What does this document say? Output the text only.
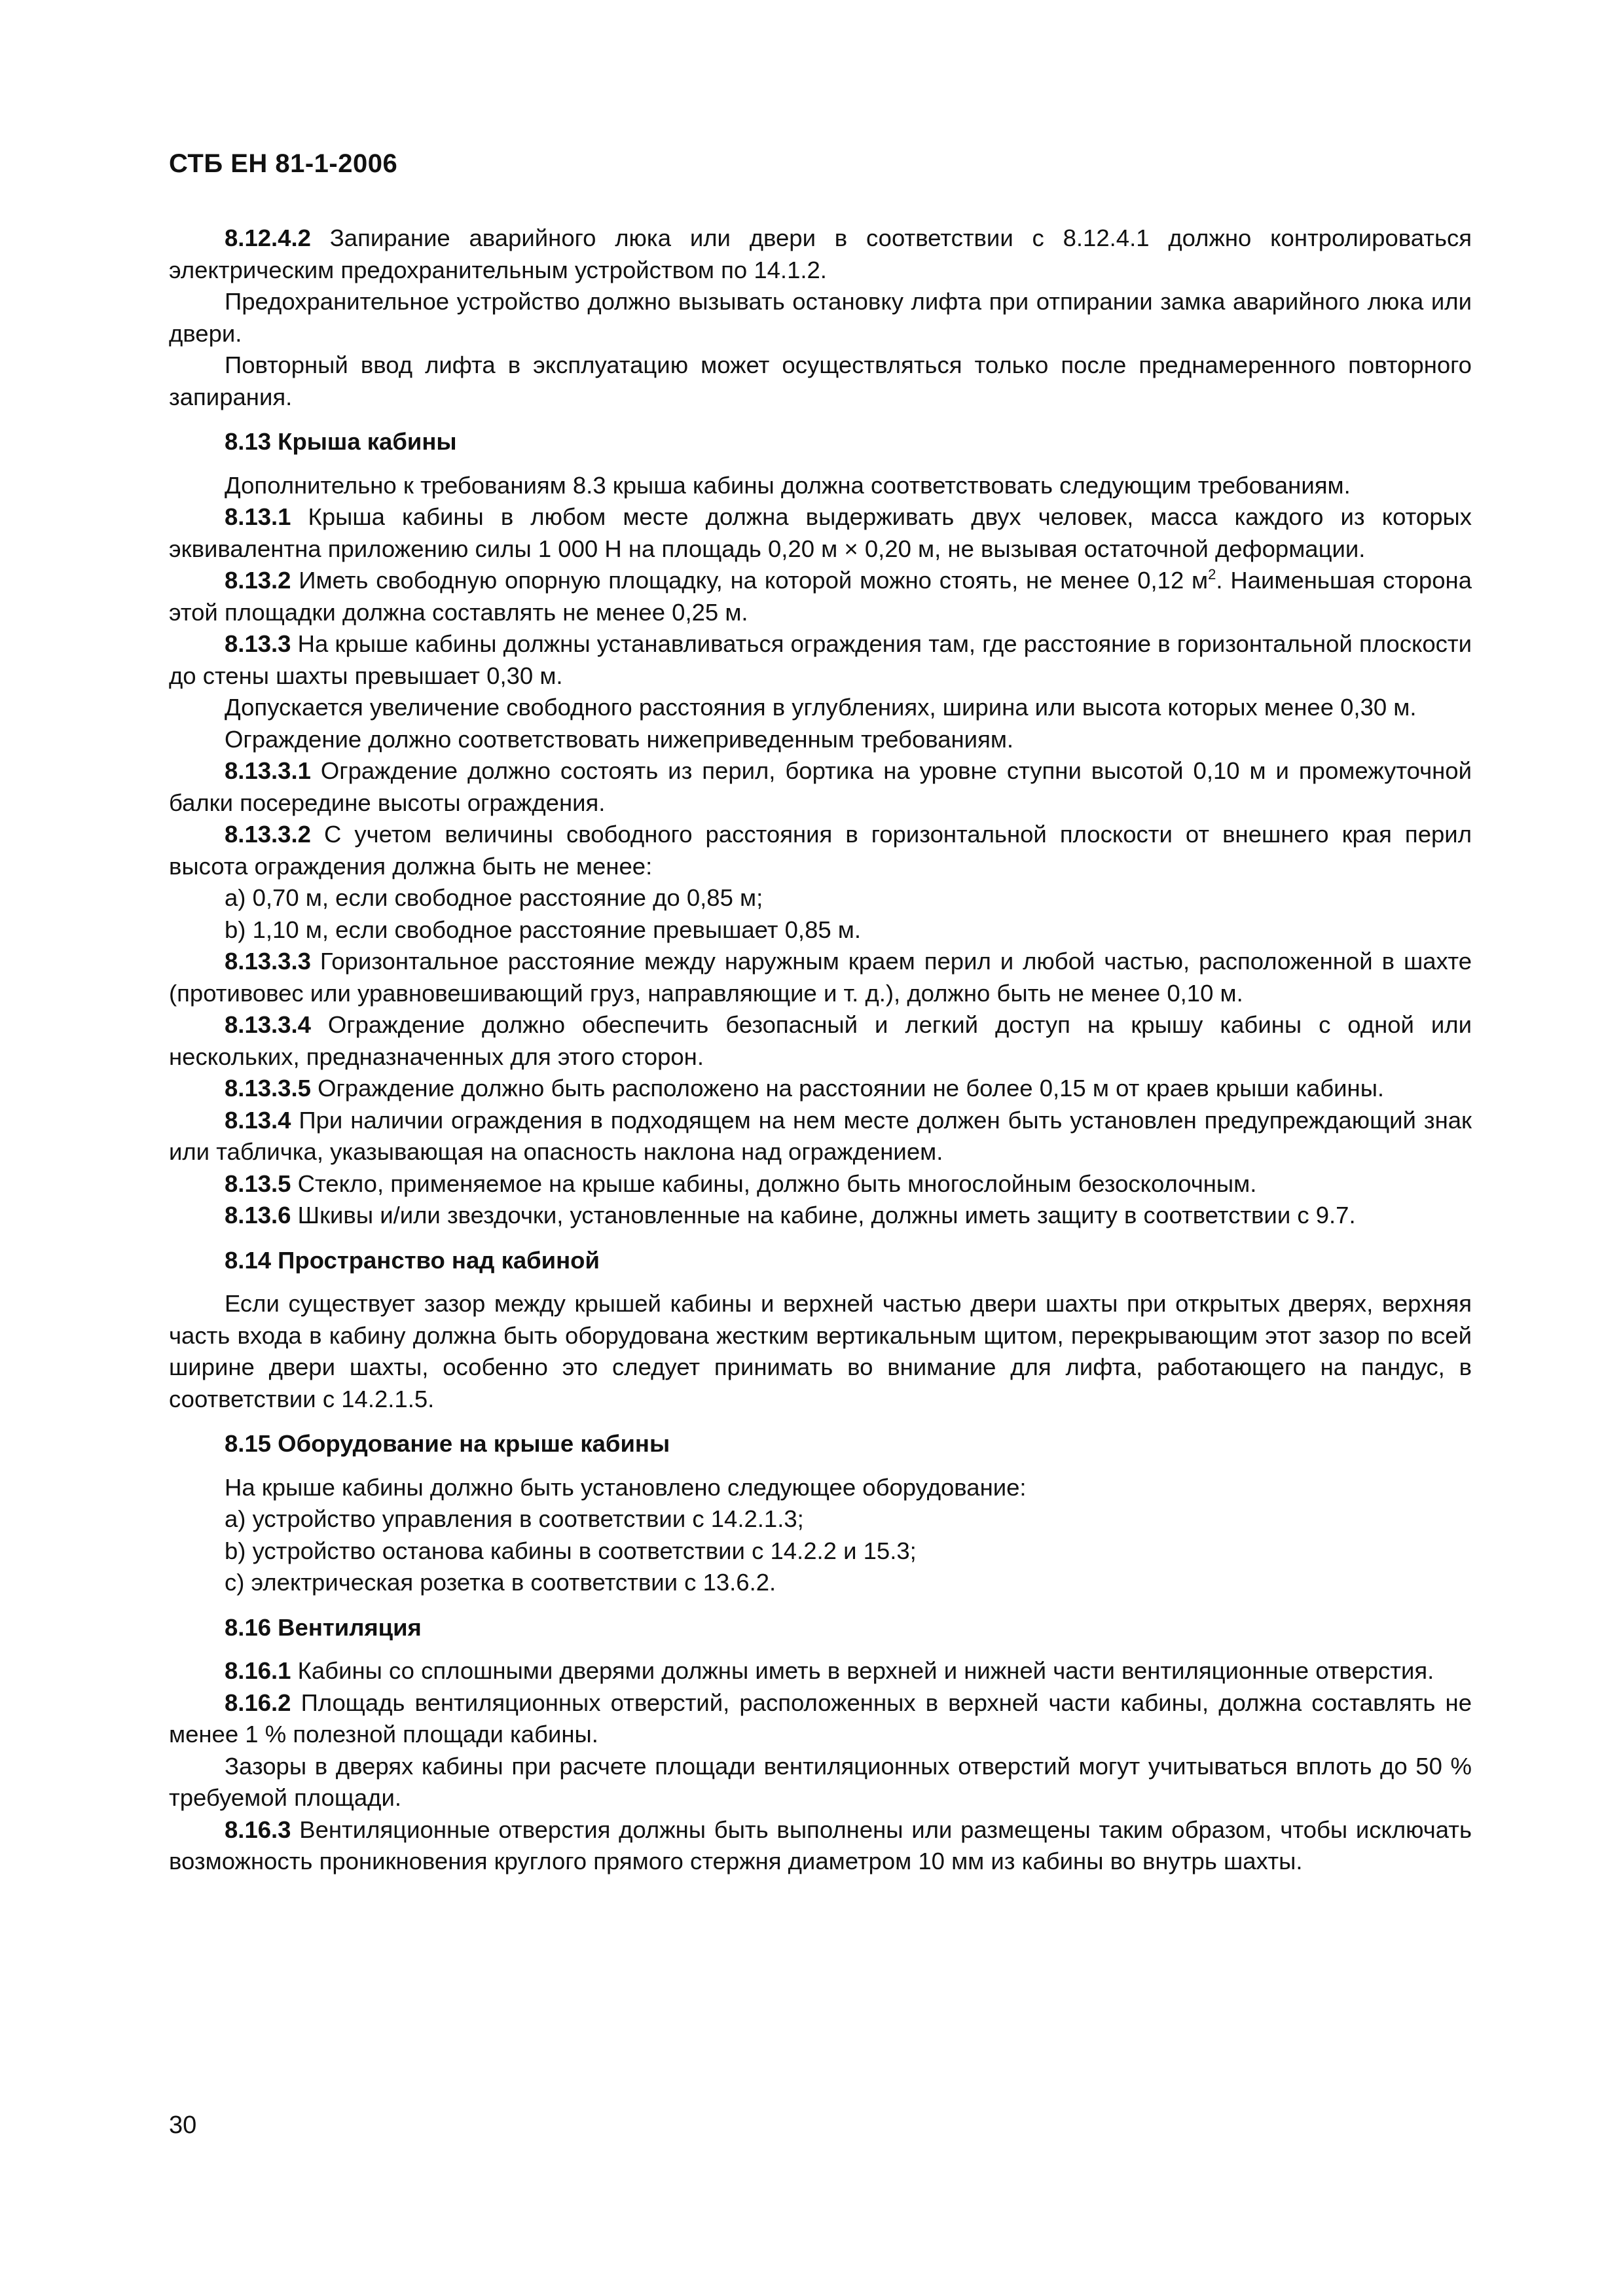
СТБ ЕН 81-1-2006

8.12.4.2 Запирание аварийного люка или двери в соответствии с 8.12.4.1 должно контролироваться электрическим предохранительным устройством по 14.1.2.

Предохранительное устройство должно вызывать остановку лифта при отпирании замка аварийного люка или двери.

Повторный ввод лифта в эксплуатацию может осуществляться только после преднамеренного повторного запирания.

8.13 Крыша кабины

Дополнительно к требованиям 8.3 крыша кабины должна соответствовать следующим требованиям.

8.13.1 Крыша кабины в любом месте должна выдерживать двух человек, масса каждого из которых эквивалентна приложению силы 1 000 Н на площадь 0,20 м × 0,20 м, не вызывая остаточной деформации.

8.13.2 Иметь свободную опорную площадку, на которой можно стоять, не менее 0,12 $м^2$. Наименьшая сторона этой площадки должна составлять не менее 0,25 м.

8.13.3 На крыше кабины должны устанавливаться ограждения там, где расстояние в горизонтальной плоскости до стены шахты превышает 0,30 м.

Допускается увеличение свободного расстояния в углублениях, ширина или высота которых менее 0,30 м.

Ограждение должно соответствовать нижеприведенным требованиям.

8.13.3.1 Ограждение должно состоять из перил, бортика на уровне ступни высотой 0,10 м и промежуточной балки посередине высоты ограждения.

8.13.3.2 С учетом величины свободного расстояния в горизонтальной плоскости от внешнего края перил высота ограждения должна быть не менее:

a) 0,70 м, если свободное расстояние до 0,85 м;

b) 1,10 м, если свободное расстояние превышает 0,85 м.

8.13.3.3 Горизонтальное расстояние между наружным краем перил и любой частью, расположенной в шахте (противовес или уравновешивающий груз, направляющие и т. д.), должно быть не менее 0,10 м.

8.13.3.4 Ограждение должно обеспечить безопасный и легкий доступ на крышу кабины с одной или нескольких, предназначенных для этого сторон.

8.13.3.5 Ограждение должно быть расположено на расстоянии не более 0,15 м от краев крыши кабины.

8.13.4 При наличии ограждения в подходящем на нем месте должен быть установлен предупреждающий знак или табличка, указывающая на опасность наклона над ограждением.

8.13.5 Стекло, применяемое на крыше кабины, должно быть многослойным безосколочным.

8.13.6 Шкивы и/или звездочки, установленные на кабине, должны иметь защиту в соответствии с 9.7.

8.14 Пространство над кабиной

Если существует зазор между крышей кабины и верхней частью двери шахты при открытых дверях, верхняя часть входа в кабину должна быть оборудована жестким вертикальным щитом, перекрывающим этот зазор по всей ширине двери шахты, особенно это следует принимать во внимание для лифта, работающего на пандус, в соответствии с 14.2.1.5.

8.15 Оборудование на крыше кабины

На крыше кабины должно быть установлено следующее оборудование:

a) устройство управления в соответствии с 14.2.1.3;

b) устройство останова кабины в соответствии с 14.2.2 и 15.3;

c) электрическая розетка в соответствии с 13.6.2.

8.16 Вентиляция

8.16.1 Кабины со сплошными дверями должны иметь в верхней и нижней части вентиляционные отверстия.

8.16.2 Площадь вентиляционных отверстий, расположенных в верхней части кабины, должна составлять не менее 1 % полезной площади кабины.

Зазоры в дверях кабины при расчете площади вентиляционных отверстий могут учитываться вплоть до 50 % требуемой площади.

8.16.3 Вентиляционные отверстия должны быть выполнены или размещены таким образом, чтобы исключать возможность проникновения круглого прямого стержня диаметром 10 мм из кабины во внутрь шахты.

30
